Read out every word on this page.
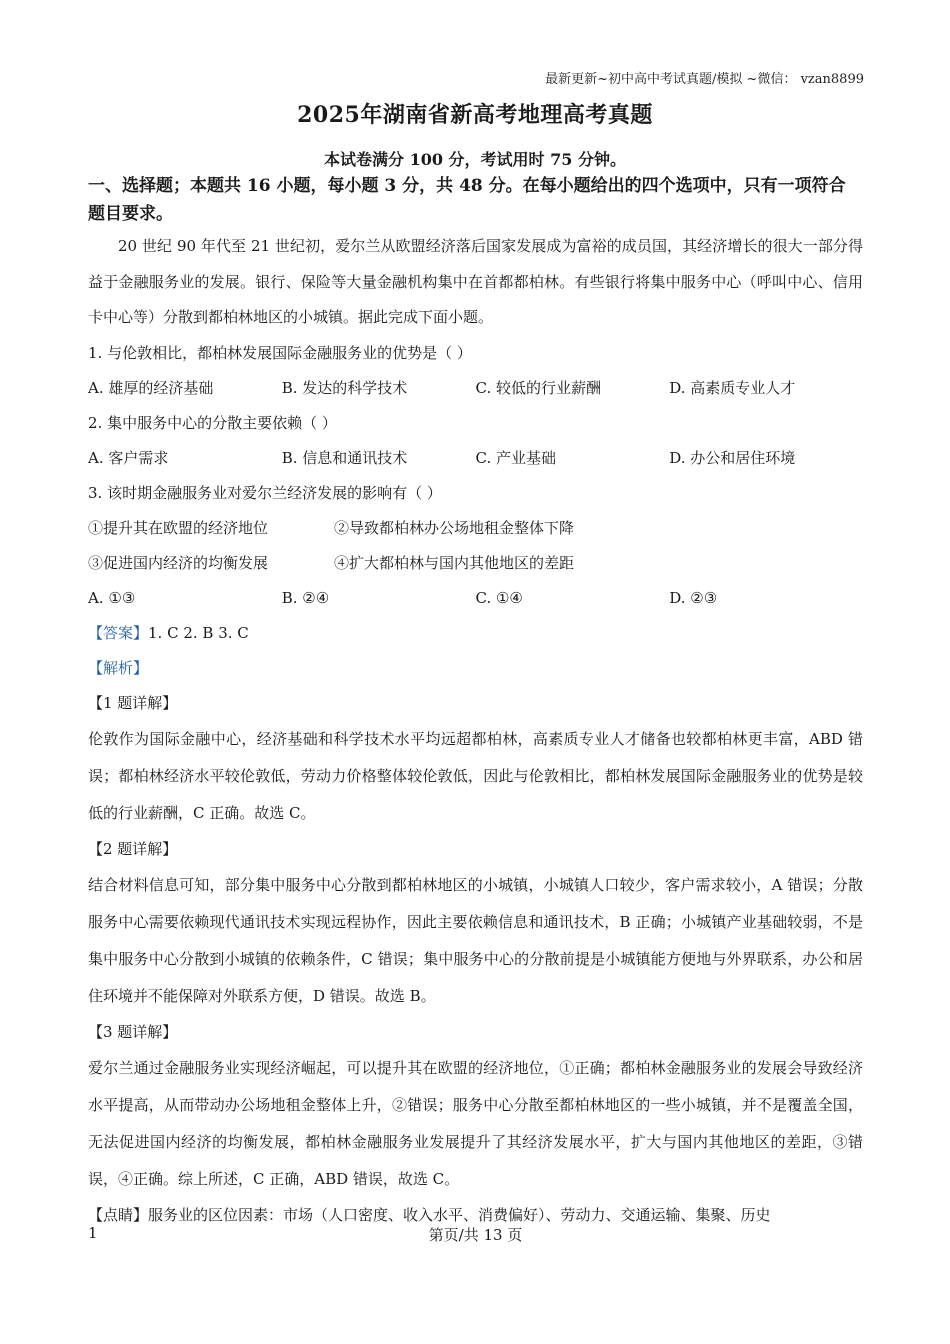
最新更新~初中高中考试真题/模拟 ~微信： vzan8899
2025年湖南省新高考地理高考真题
本试卷满分 100 分，考试用时 75 分钟。
一、选择题；本题共 16 小题，每小题 3 分，共 48 分。在每小题给出的四个选项中，只有一项符合题目要求。

20 世纪 90 年代至 21 世纪初，爱尔兰从欧盟经济落后国家发展成为富裕的成员国，其经济增长的很大一部分得益于金融服务业的发展。银行、保险等大量金融机构集中在首都都柏林。有些银行将集中服务中心（呼叫中心、信用卡中心等）分散到都柏林地区的小城镇。据此完成下面小题。

1. 与伦敦相比，都柏林发展国际金融服务业的优势是（ ）
A. 雄厚的经济基础	B. 发达的科学技术	C. 较低的行业薪酬	D. 高素质专业人才
2. 集中服务中心的分散主要依赖（ ）
A. 客户需求	B. 信息和通讯技术	C. 产业基础	D. 办公和居住环境
3. 该时期金融服务业对爱尔兰经济发展的影响有（ ）
①提升其在欧盟的经济地位	②导致都柏林办公场地租金整体下降
③促进国内经济的均衡发展	④扩大都柏林与国内其他地区的差距
A. ①③	B. ②④	C. ①④	D. ②③
【答案】1. C 2. B 3. C
【解析】
【1 题详解】

伦敦作为国际金融中心，经济基础和科学技术水平均远超都柏林，高素质专业人才储备也较都柏林更丰富，ABD 错误；都柏林经济水平较伦敦低，劳动力价格整体较伦敦低，因此与伦敦相比，都柏林发展国际金融服务业的优势是较低的行业薪酬，C 正确。故选 C。

【2 题详解】

结合材料信息可知，部分集中服务中心分散到都柏林地区的小城镇，小城镇人口较少，客户需求较小，A 错误；分散服务中心需要依赖现代通讯技术实现远程协作，因此主要依赖信息和通讯技术，B 正确；小城镇产业基础较弱，不是集中服务中心分散到小城镇的依赖条件，C 错误；集中服务中心的分散前提是小城镇能方便地与外界联系，办公和居住环境并不能保障对外联系方便，D 错误。故选 B。

【3 题详解】

爱尔兰通过金融服务业实现经济崛起，可以提升其在欧盟的经济地位，①正确；都柏林金融服务业的发展会导致经济水平提高，从而带动办公场地租金整体上升，②错误；服务中心分散至都柏林地区的一些小城镇，并不是覆盖全国，无法促进国内经济的均衡发展，都柏林金融服务业发展提升了其经济发展水平，扩大与国内其他地区的差距，③错误，④正确。综上所述，C 正确，ABD 错误，故选 C。

【点睛】服务业的区位因素：市场（人口密度、收入水平、消费偏好）、劳动力、交通运输、集聚、历史
1	第页/共 13 页
